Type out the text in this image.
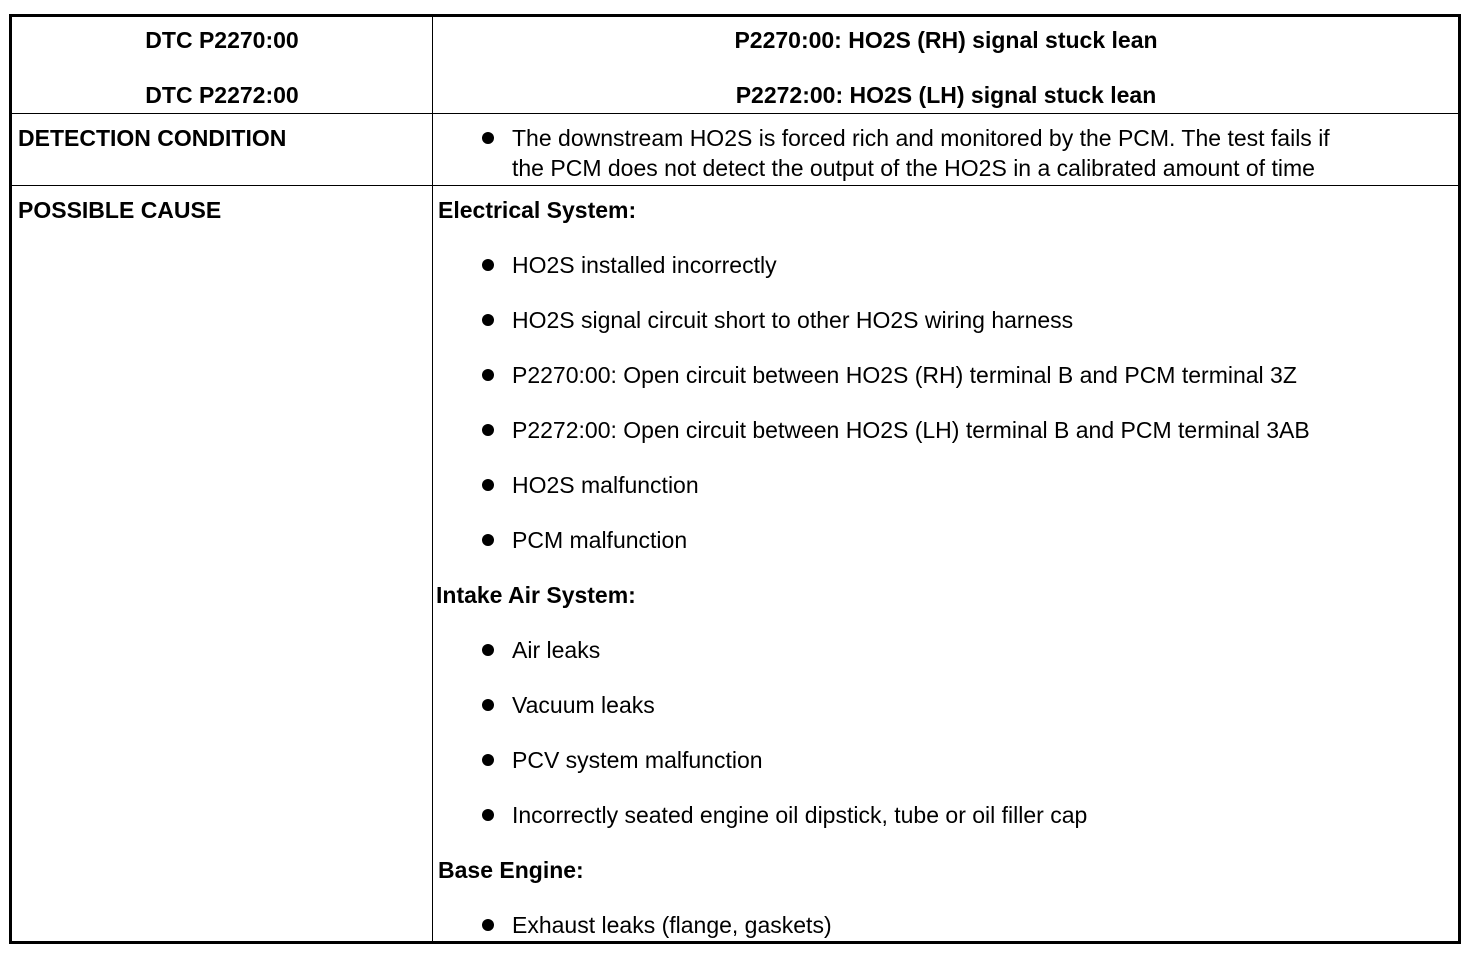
DTC P2270:00
DTC P2272:00
P2270:00: HO2S (RH) signal stuck lean
P2272:00: HO2S (LH) signal stuck lean
DETECTION CONDITION	The downstream HO2S is forced rich and monitored by the PCM. The test fails if
the PCM does not detect the output of the HO2S in a calibrated amount of time
POSSIBLE CAUSE	Electrical System:
HO2S installed incorrectly
HO2S signal circuit short to other HO2S wiring harness
P2270:00: Open circuit between HO2S (RH) terminal B and PCM terminal 3Z
P2272:00: Open circuit between HO2S (LH) terminal B and PCM terminal 3AB
HO2S malfunction
PCM malfunction
Intake Air System:
Air leaks
Vacuum leaks
PCV system malfunction
Incorrectly seated engine oil dipstick, tube or oil filler cap
Base Engine:
Exhaust leaks (flange, gaskets)
